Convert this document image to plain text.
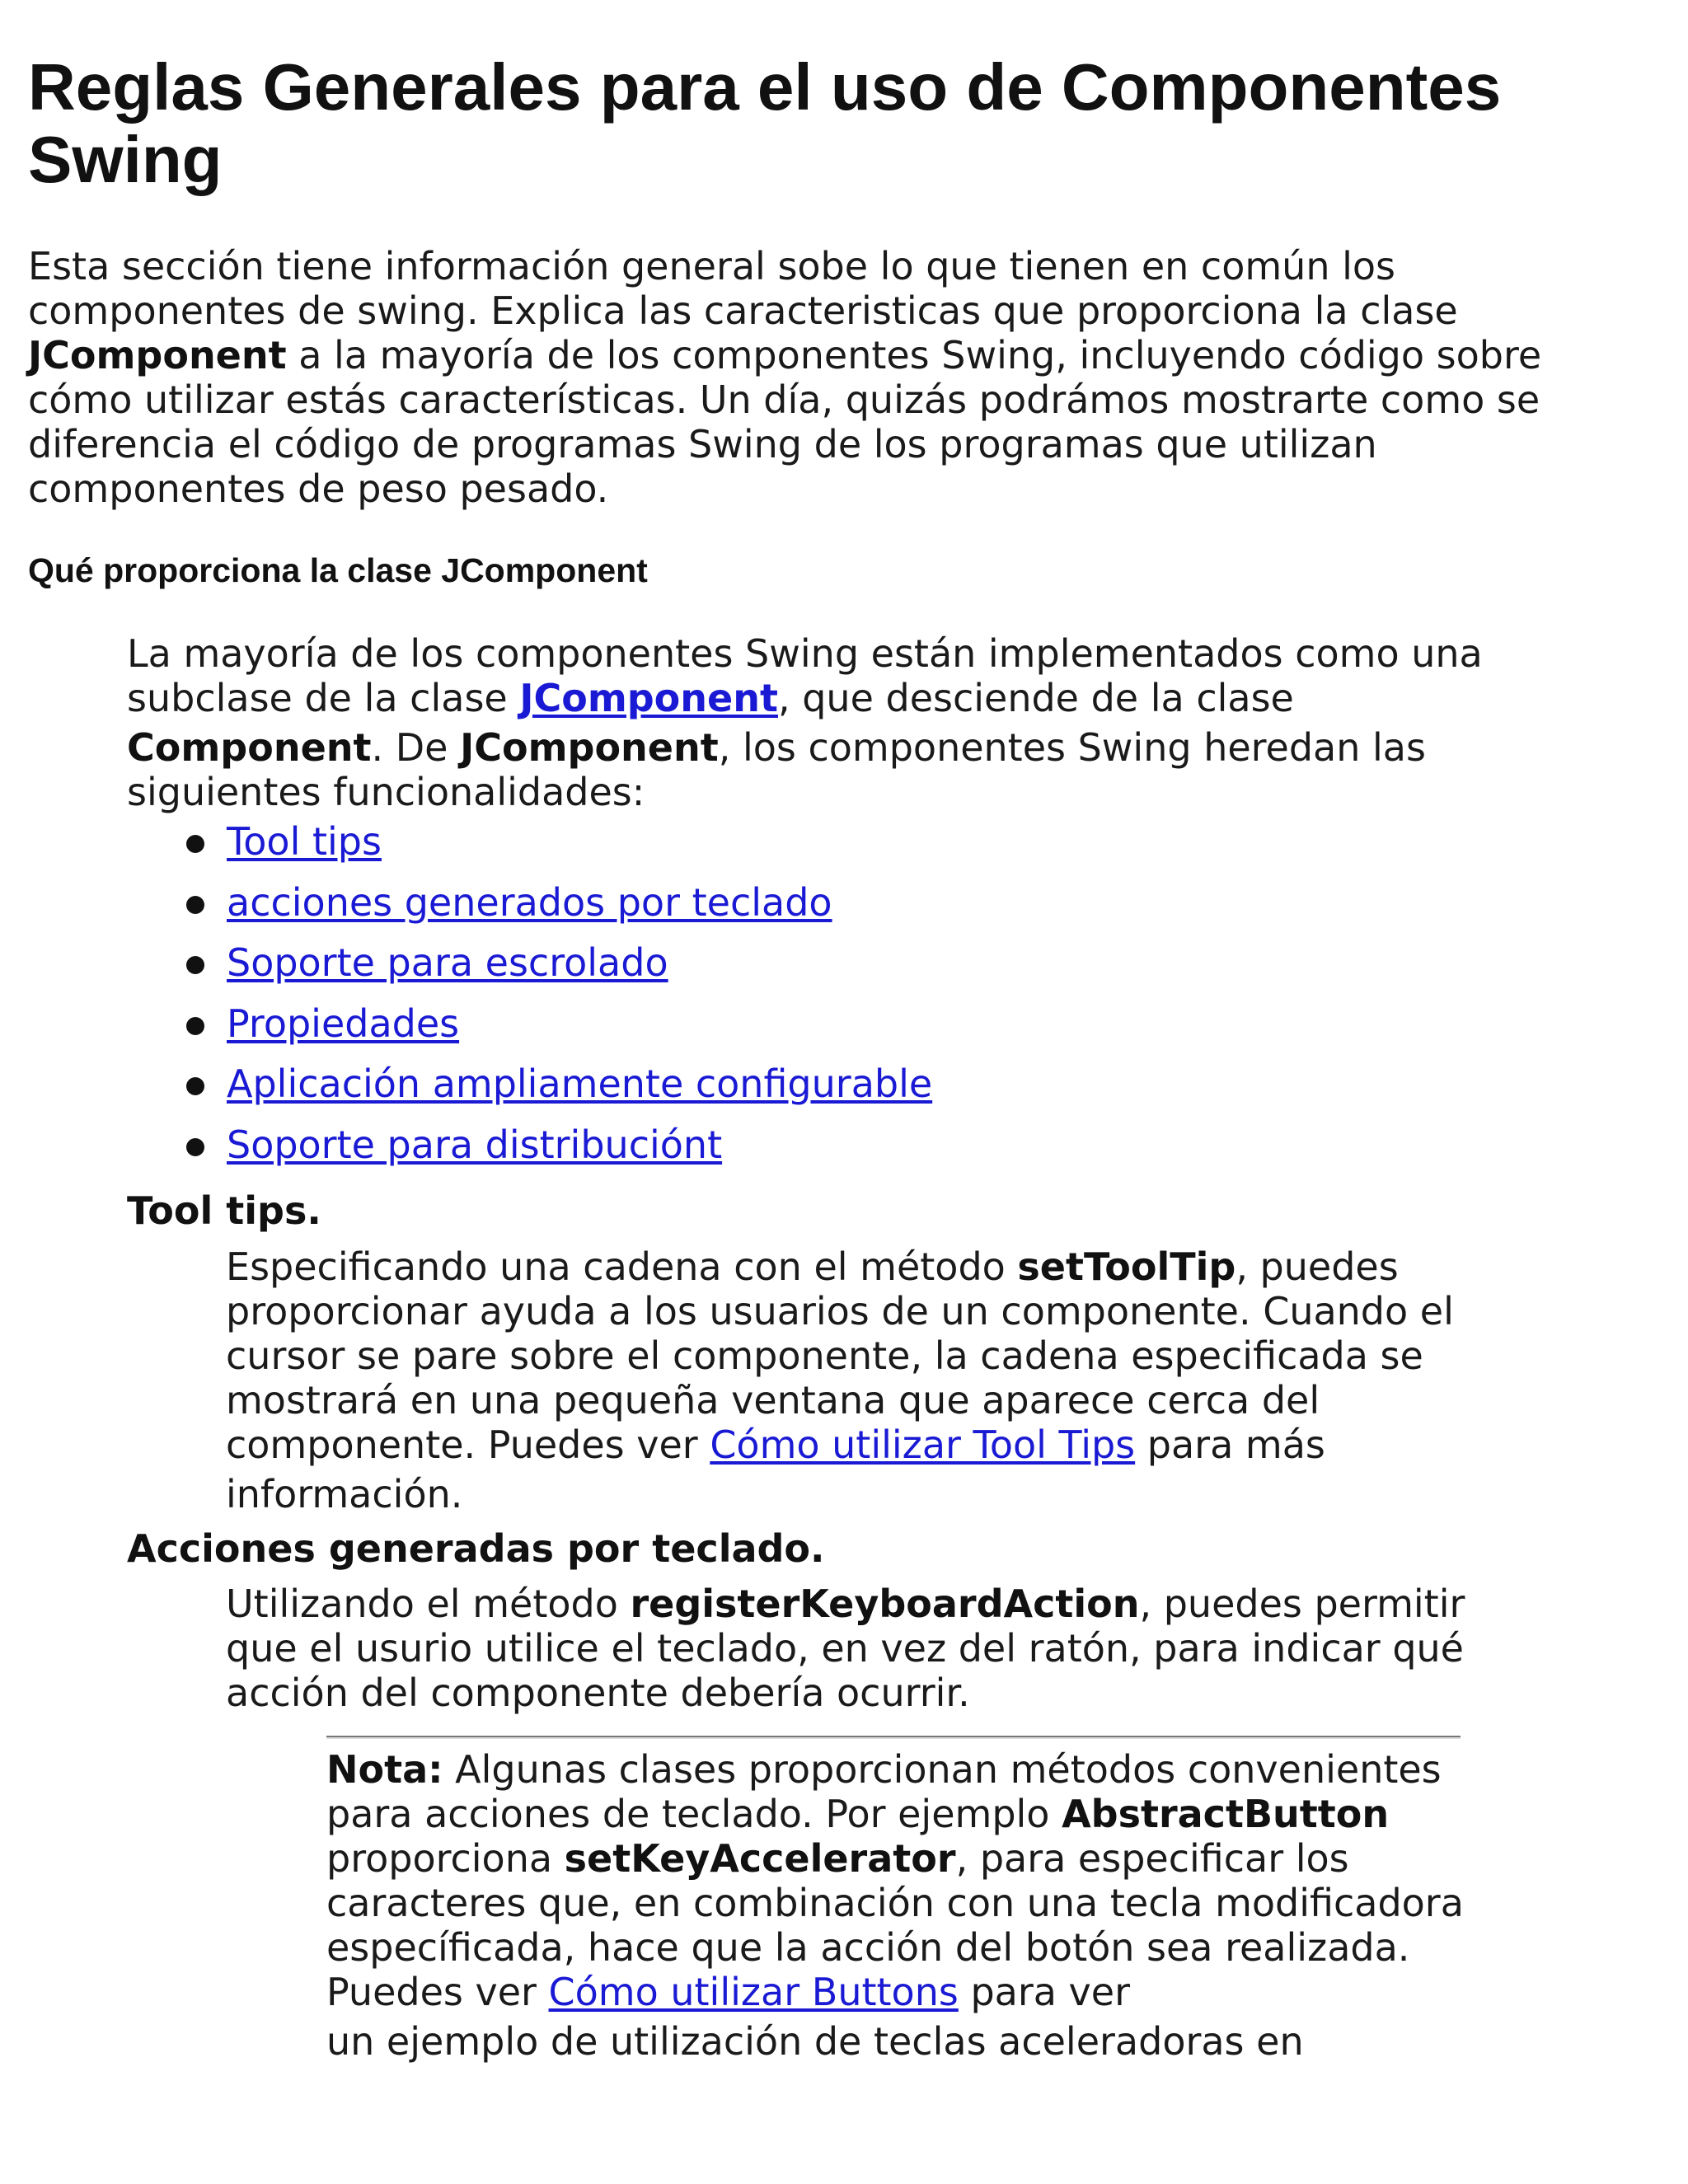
Reglas Generales para el uso de Componentes Swing

Esta sección tiene información general sobe lo que tienen en común los componentes de swing. Explica las caracteristicas que proporciona la clase JComponent a la mayoría de los componentes Swing, incluyendo código sobre cómo utilizar estás características. Un día, quizás podrámos mostrarte como se diferencia el código de programas Swing de los programas que utilizan componentes de peso pesado.

Qué proporciona la clase JComponent

La mayoría de los componentes Swing están implementados como una subclase de la clase JComponent, que desciende de la clase
Component. De JComponent, los componentes Swing heredan las siguientes funcionalidades:

Tool tips
acciones generados por teclado
Soporte para escrolado
Propiedades
Aplicación ampliamente configurable
Soporte para distribuciónt

Tool tips.

Especificando una cadena con el método setToolTip, puedes proporcionar ayuda a los usuarios de un componente. Cuando el cursor se pare sobre el componente, la cadena especificada se mostrará en una pequeña ventana que aparece cerca del componente. Puedes ver Cómo utilizar Tool Tips para más
información.

Acciones generadas por teclado.

Utilizando el método registerKeyboardAction, puedes permitir que el usurio utilice el teclado, en vez del ratón, para indicar qué acción del componente debería ocurrir.

Nota: Algunas clases proporcionan métodos convenientes para acciones de teclado. Por ejemplo AbstractButton proporciona setKeyAccelerator, para especificar los caracteres que, en combinación con una tecla modificadora específicada, hace que la acción del botón sea realizada. Puedes ver Cómo utilizar Buttons para ver
un ejemplo de utilización de teclas aceleradoras en
